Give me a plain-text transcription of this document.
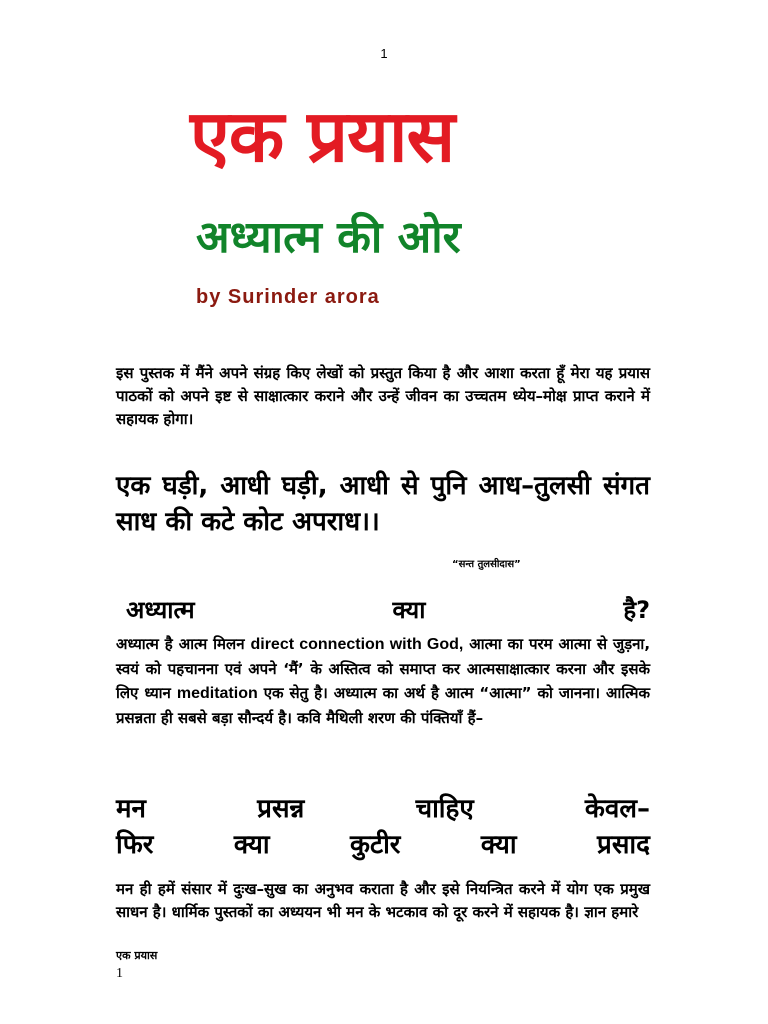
1
एक प्रयास
अध्यात्म की ओर
by Surinder arora
इस पुस्तक में मैंने अपने संग्रह किए लेखों को प्रस्तुत किया है और आशा करता हूँ मेरा यह प्रयास पाठकों को अपने इष्ट से साक्षात्कार कराने और उन्हें जीवन का उच्चतम ध्येय–मोक्ष प्राप्त कराने में सहायक होगा।
एक घड़ी, आधी घड़ी, आधी से पुनि आध–तुलसी संगत साध की कटे कोट अपराध।।
“सन्त तुलसीदास”
अध्यात्म	क्या	है?
अध्यात्म है आत्म मिलन direct connection with God, आत्मा का परम आत्मा से जुड़ना, स्वयं को पहचानना एवं अपने ‘मैं’ के अस्तित्व को समाप्त कर आत्मसाक्षात्कार करना और इसके लिए ध्यान meditation एक सेतु है। अध्यात्म का अर्थ है आत्म “आत्मा” को जानना। आत्मिक प्रसन्नता ही सबसे बड़ा सौन्दर्य है। कवि मैथिली शरण की पंक्तियाँ हैं–
मन	प्रसन्न	चाहिए	केवल–
फिर	क्या	कुटीर	क्या	प्रसाद
मन ही हमें संसार में दुःख–सुख का अनुभव कराता है और इसे नियन्त्रित करने में योग एक प्रमुख साधन है। धार्मिक पुस्तकों का अध्ययन भी मन के भटकाव को दूर करने में सहायक है। ज्ञान हमारे
एक प्रयास
1
